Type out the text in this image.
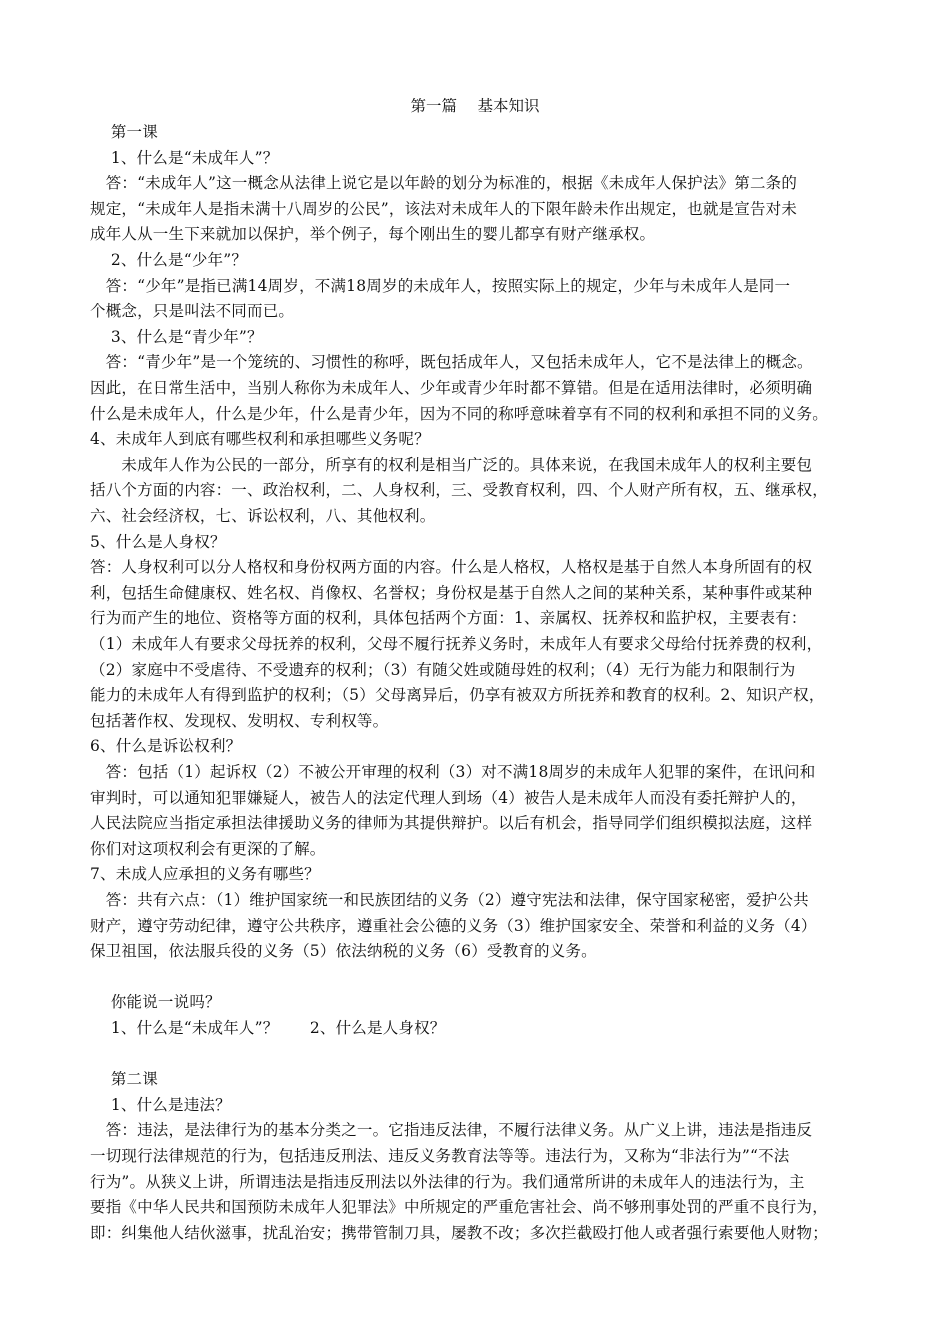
第一篇　 基本知识
　 第一课
　 1、什么是“未成年人”？
　答：“未成年人”这一概念从法律上说它是以年龄的划分为标准的，根据《未成年人保护法》第二条的
规定，“未成年人是指未满十八周岁的公民”，该法对未成年人的下限年龄未作出规定，也就是宣告对未
成年人从一生下来就加以保护，举个例子，每个刚出生的婴儿都享有财产继承权。
　 2、什么是“少年”？
　答：“少年”是指已满14周岁，不满18周岁的未成年人，按照实际上的规定，少年与未成年人是同一
个概念，只是叫法不同而已。
　 3、什么是“青少年”？
　答：“青少年”是一个笼统的、习惯性的称呼，既包括成年人，又包括未成年人，它不是法律上的概念。
因此，在日常生活中，当别人称你为未成年人、少年或青少年时都不算错。但是在适用法律时，必须明确
什么是未成年人，什么是少年，什么是青少年，因为不同的称呼意味着享有不同的权利和承担不同的义务。
4、未成年人到底有哪些权利和承担哪些义务呢？
　　未成年人作为公民的一部分，所享有的权利是相当广泛的。具体来说，在我国未成年人的权利主要包
括八个方面的内容：一、政治权利，二、人身权利，三、受教育权利，四、个人财产所有权，五、继承权，
六、社会经济权，七、诉讼权利，八、其他权利。
5、什么是人身权？
答：人身权利可以分人格权和身份权两方面的内容。什么是人格权，人格权是基于自然人本身所固有的权
利，包括生命健康权、姓名权、肖像权、名誉权；身份权是基于自然人之间的某种关系，某种事件或某种
行为而产生的地位、资格等方面的权利，具体包括两个方面：1、亲属权、抚养权和监护权，主要表有：
（1）未成年人有要求父母抚养的权利，父母不履行抚养义务时，未成年人有要求父母给付抚养费的权利，
（2）家庭中不受虐待、不受遗弃的权利；（3）有随父姓或随母姓的权利；（4）无行为能力和限制行为
能力的未成年人有得到监护的权利；（5）父母离异后，仍享有被双方所抚养和教育的权利。2、知识产权，
包括著作权、发现权、发明权、专利权等。
6、什么是诉讼权利？
　答：包括（1）起诉权（2）不被公开审理的权利（3）对不满18周岁的未成年人犯罪的案件，在讯问和
审判时，可以通知犯罪嫌疑人，被告人的法定代理人到场（4）被告人是未成年人而没有委托辩护人的，
人民法院应当指定承担法律援助义务的律师为其提供辩护。以后有机会，指导同学们组织模拟法庭，这样
你们对这项权利会有更深的了解。
7、未成人应承担的义务有哪些？
　答：共有六点：（1）维护国家统一和民族团结的义务（2）遵守宪法和法律，保守国家秘密，爱护公共
财产，遵守劳动纪律，遵守公共秩序，遵重社会公德的义务（3）维护国家安全、荣誉和利益的义务（4）
保卫祖国，依法服兵役的义务（5）依法纳税的义务（6）受教育的义务。
　 你能说一说吗？
　 1、什么是“未成年人”？　　2、什么是人身权？
　 第二课
　 1、什么是违法？
　答：违法，是法律行为的基本分类之一。它指违反法律，不履行法律义务。从广义上讲，违法是指违反
一切现行法律规范的行为，包括违反刑法、违反义务教育法等等。违法行为，又称为“非法行为”“不法
行为”。从狭义上讲，所谓违法是指违反刑法以外法律的行为。我们通常所讲的未成年人的违法行为，主
要指《中华人民共和国预防未成年人犯罪法》中所规定的严重危害社会、尚不够刑事处罚的严重不良行为，
即：纠集他人结伙滋事，扰乱治安；携带管制刀具，屡教不改；多次拦截殴打他人或者强行索要他人财物；
